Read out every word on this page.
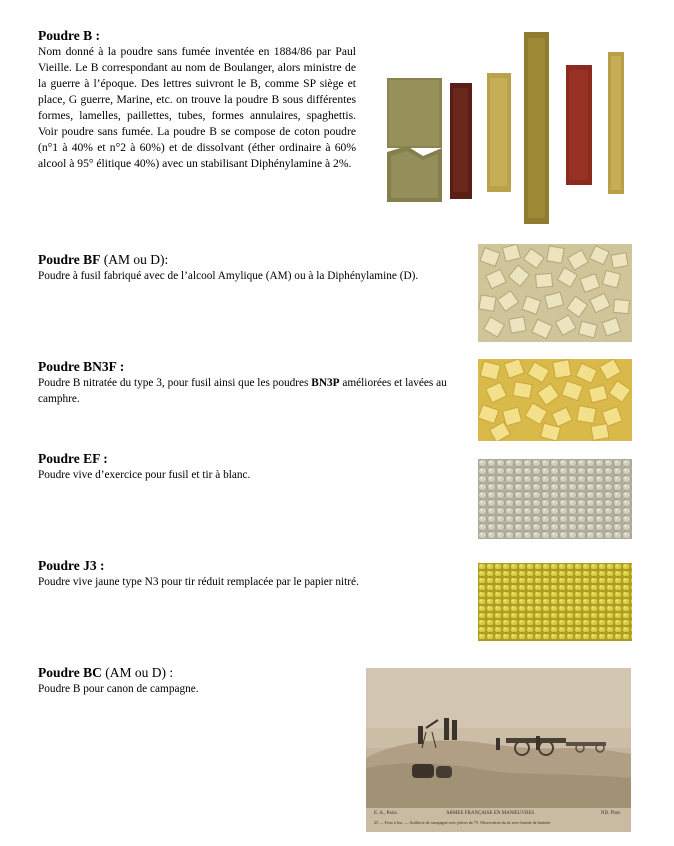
Poudre B :
Nom donné à la poudre sans fumée inventée en 1884/86 par Paul Vieille. Le B correspondant au nom de Boulanger, alors ministre de la guerre à l’époque. Des lettres suivront le B, comme SP siège et place, G guerre, Marine, etc. on trouve la poudre B sous différentes formes, lamelles, paillettes, tubes, formes annulaires, spaghettis. Voir poudre sans fumée. La poudre B se compose de coton poudre (n°1 à 40% et n°2 à 60%) et de dissolvant (éther ordinaire à 60% alcool à 95° élitique 40%) avec un stabilisant Diphénylamine à 2%.
Poudre BF (AM ou D):
Poudre à fusil fabriqué avec de l’alcool Amylique (AM) ou à la Diphénylamine (D).
Poudre BN3F :
Poudre B nitratée du type 3, pour fusil ainsi que les poudres BN3P améliorées et lavées au camphre.
Poudre EF :
Poudre vive d’exercice pour fusil et tir à blanc.
Poudre J3 :
Poudre vive jaune type N3 pour tir réduit remplacée par le papier nitré.
Poudre BC (AM ou D) :
Poudre B pour canon de campagne.
E. A., Paris.	ARMEE FRANÇAISE EN MANŒUVRES	ND. Phot.
25 — Feux à feu. — Artillerie de campagne avec pièces de 75. Observation du tir avec lunette de batterie
